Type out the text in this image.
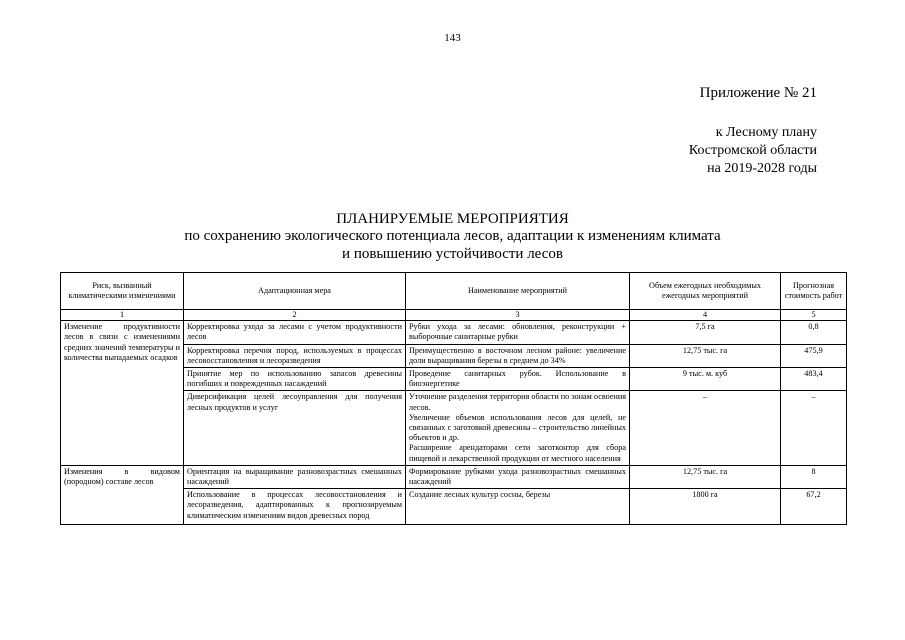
143
Приложение № 21
к Лесному плану
Костромской области
на 2019-2028 годы
ПЛАНИРУЕМЫЕ МЕРОПРИЯТИЯ
по сохранению экологического потенциала лесов, адаптации к изменениям климата
и повышению устойчивости лесов
Риск, вызванный климатическими изменениями	Адаптационная мера	Наименование мероприятий	Объем ежегодных необходимых ежегодных мероприятий	Прогнозная стоимость работ
1	2	3	4	5
Изменение продуктивности лесов в связи с изменениями средних значений температуры и количества выпадаемых осадков	Корректировка ухода за лесами с учетом продуктивности лесов	Рубки ухода за лесами: обновления, реконструкции + выборочные санитарные рубки	7,5 га	0,8
	Корректировка перечня пород, используемых в процессах лесовосстановления и лесоразведения	Преимущественно в восточном лесном районе: увеличение доли выращивания березы в среднем до 34%	12,75 тыс. га	475,9
	Принятие мер по использованию запасов древесины погибших и поврежденных насаждений	Проведение санитарных рубок. Использование в биоэнергетике	9 тыс. м. куб	483,4
	Диверсификация целей лесоуправления для получения лесных продуктов и услуг	Уточнение разделения территория области по зонам освоения лесов.
Увеличение объемов использования лесов для целей, не связанных с заготовкой древесины – строительство линейных объектов и др.
Расширение арендаторами сети заготконтор для сбора пищевой и лекарственной продукции от местного населения	–	–
Изменения в видовом (породном) составе лесов	Ориентация на выращивание разновозрастных смешанных насаждений	Формирование рубками ухода разновозрастных смешанных насаждений	12,75 тыс. га	8
	Использование в процессах лесовосстановления и лесоразведения, адаптированных к прогнозируемым климатическим изменениям видов древесных пород	Создание лесных культур сосны, березы	1800 га	67,2
